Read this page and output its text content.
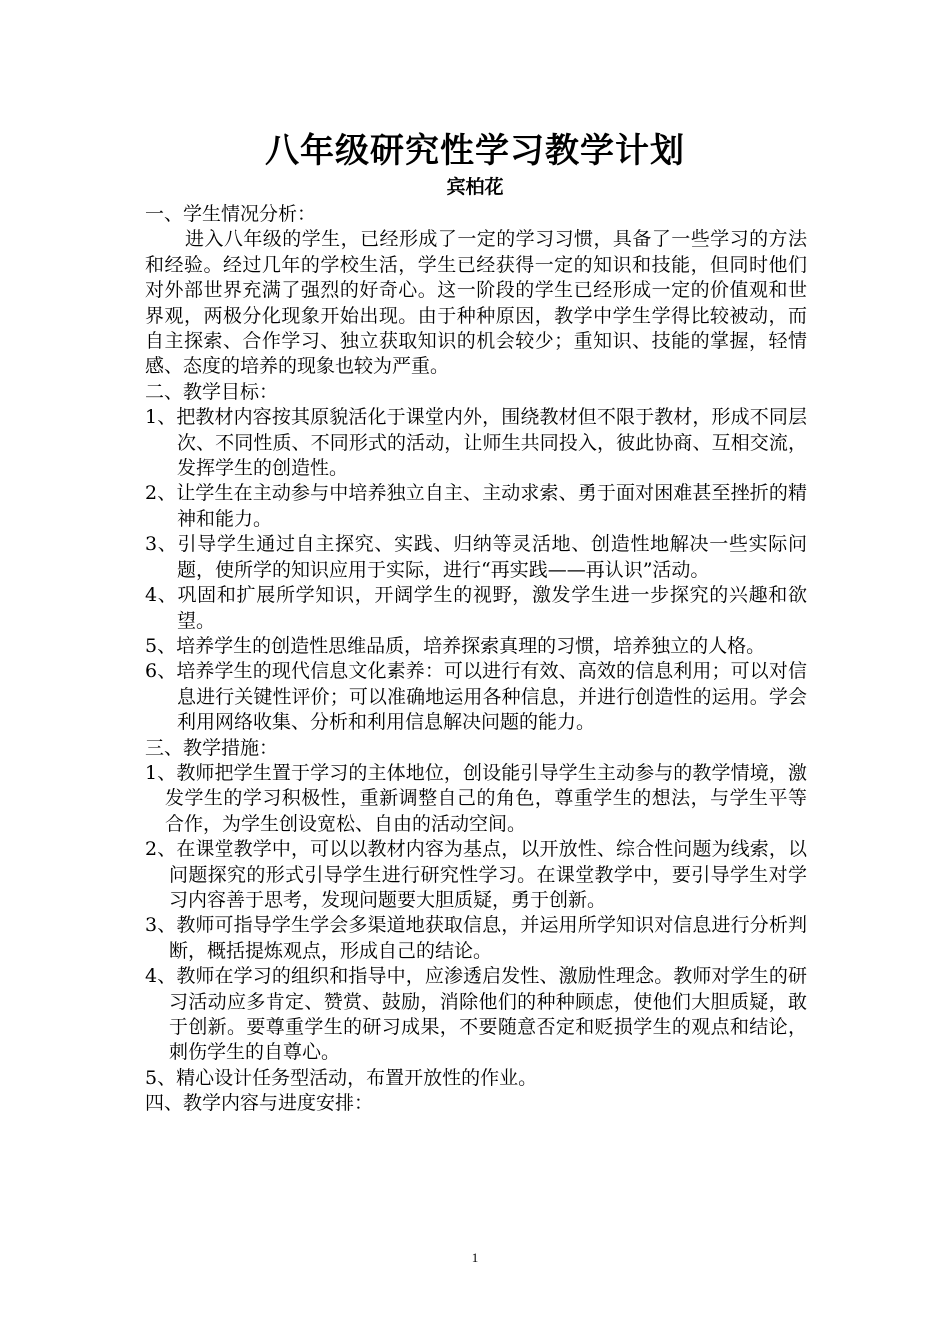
八年级研究性学习教学计划
宾柏花

一、学生情况分析：

进入八年级的学生，已经形成了一定的学习习惯，具备了一些学习的方法和经验。经过几年的学校生活，学生已经获得一定的知识和技能，但同时他们对外部世界充满了强烈的好奇心。这一阶段的学生已经形成一定的价值观和世界观，两极分化现象开始出现。由于种种原因，教学中学生学得比较被动，而自主探索、合作学习、独立获取知识的机会较少；重知识、技能的掌握，轻情感、态度的培养的现象也较为严重。

二、教学目标：

1、把教材内容按其原貌活化于课堂内外，围绕教材但不限于教材，形成不同层次、不同性质、不同形式的活动，让师生共同投入，彼此协商、互相交流，发挥学生的创造性。

2、让学生在主动参与中培养独立自主、主动求索、勇于面对困难甚至挫折的精神和能力。

3、引导学生通过自主探究、实践、归纳等灵活地、创造性地解决一些实际问题，使所学的知识应用于实际，进行“再实践——再认识”活动。

4、巩固和扩展所学知识，开阔学生的视野，激发学生进一步探究的兴趣和欲望。

5、培养学生的创造性思维品质，培养探索真理的习惯，培养独立的人格。

6、培养学生的现代信息文化素养：可以进行有效、高效的信息利用；可以对信息进行关键性评价；可以准确地运用各种信息，并进行创造性的运用。学会利用网络收集、分析和利用信息解决问题的能力。

三、教学措施：

1、教师把学生置于学习的主体地位，创设能引导学生主动参与的教学情境，激发学生的学习积极性，重新调整自己的角色，尊重学生的想法，与学生平等合作，为学生创设宽松、自由的活动空间。

2、在课堂教学中，可以以教材内容为基点，以开放性、综合性问题为线索，以问题探究的形式引导学生进行研究性学习。在课堂教学中，要引导学生对学习内容善于思考，发现问题要大胆质疑，勇于创新。

3、教师可指导学生学会多渠道地获取信息，并运用所学知识对信息进行分析判断，概括提炼观点，形成自己的结论。

4、教师在学习的组织和指导中，应渗透启发性、激励性理念。教师对学生的研习活动应多肯定、赞赏、鼓励，消除他们的种种顾虑，使他们大胆质疑，敢于创新。要尊重学生的研习成果，不要随意否定和贬损学生的观点和结论，刺伤学生的自尊心。

5、精心设计任务型活动，布置开放性的作业。

四、教学内容与进度安排：

1
